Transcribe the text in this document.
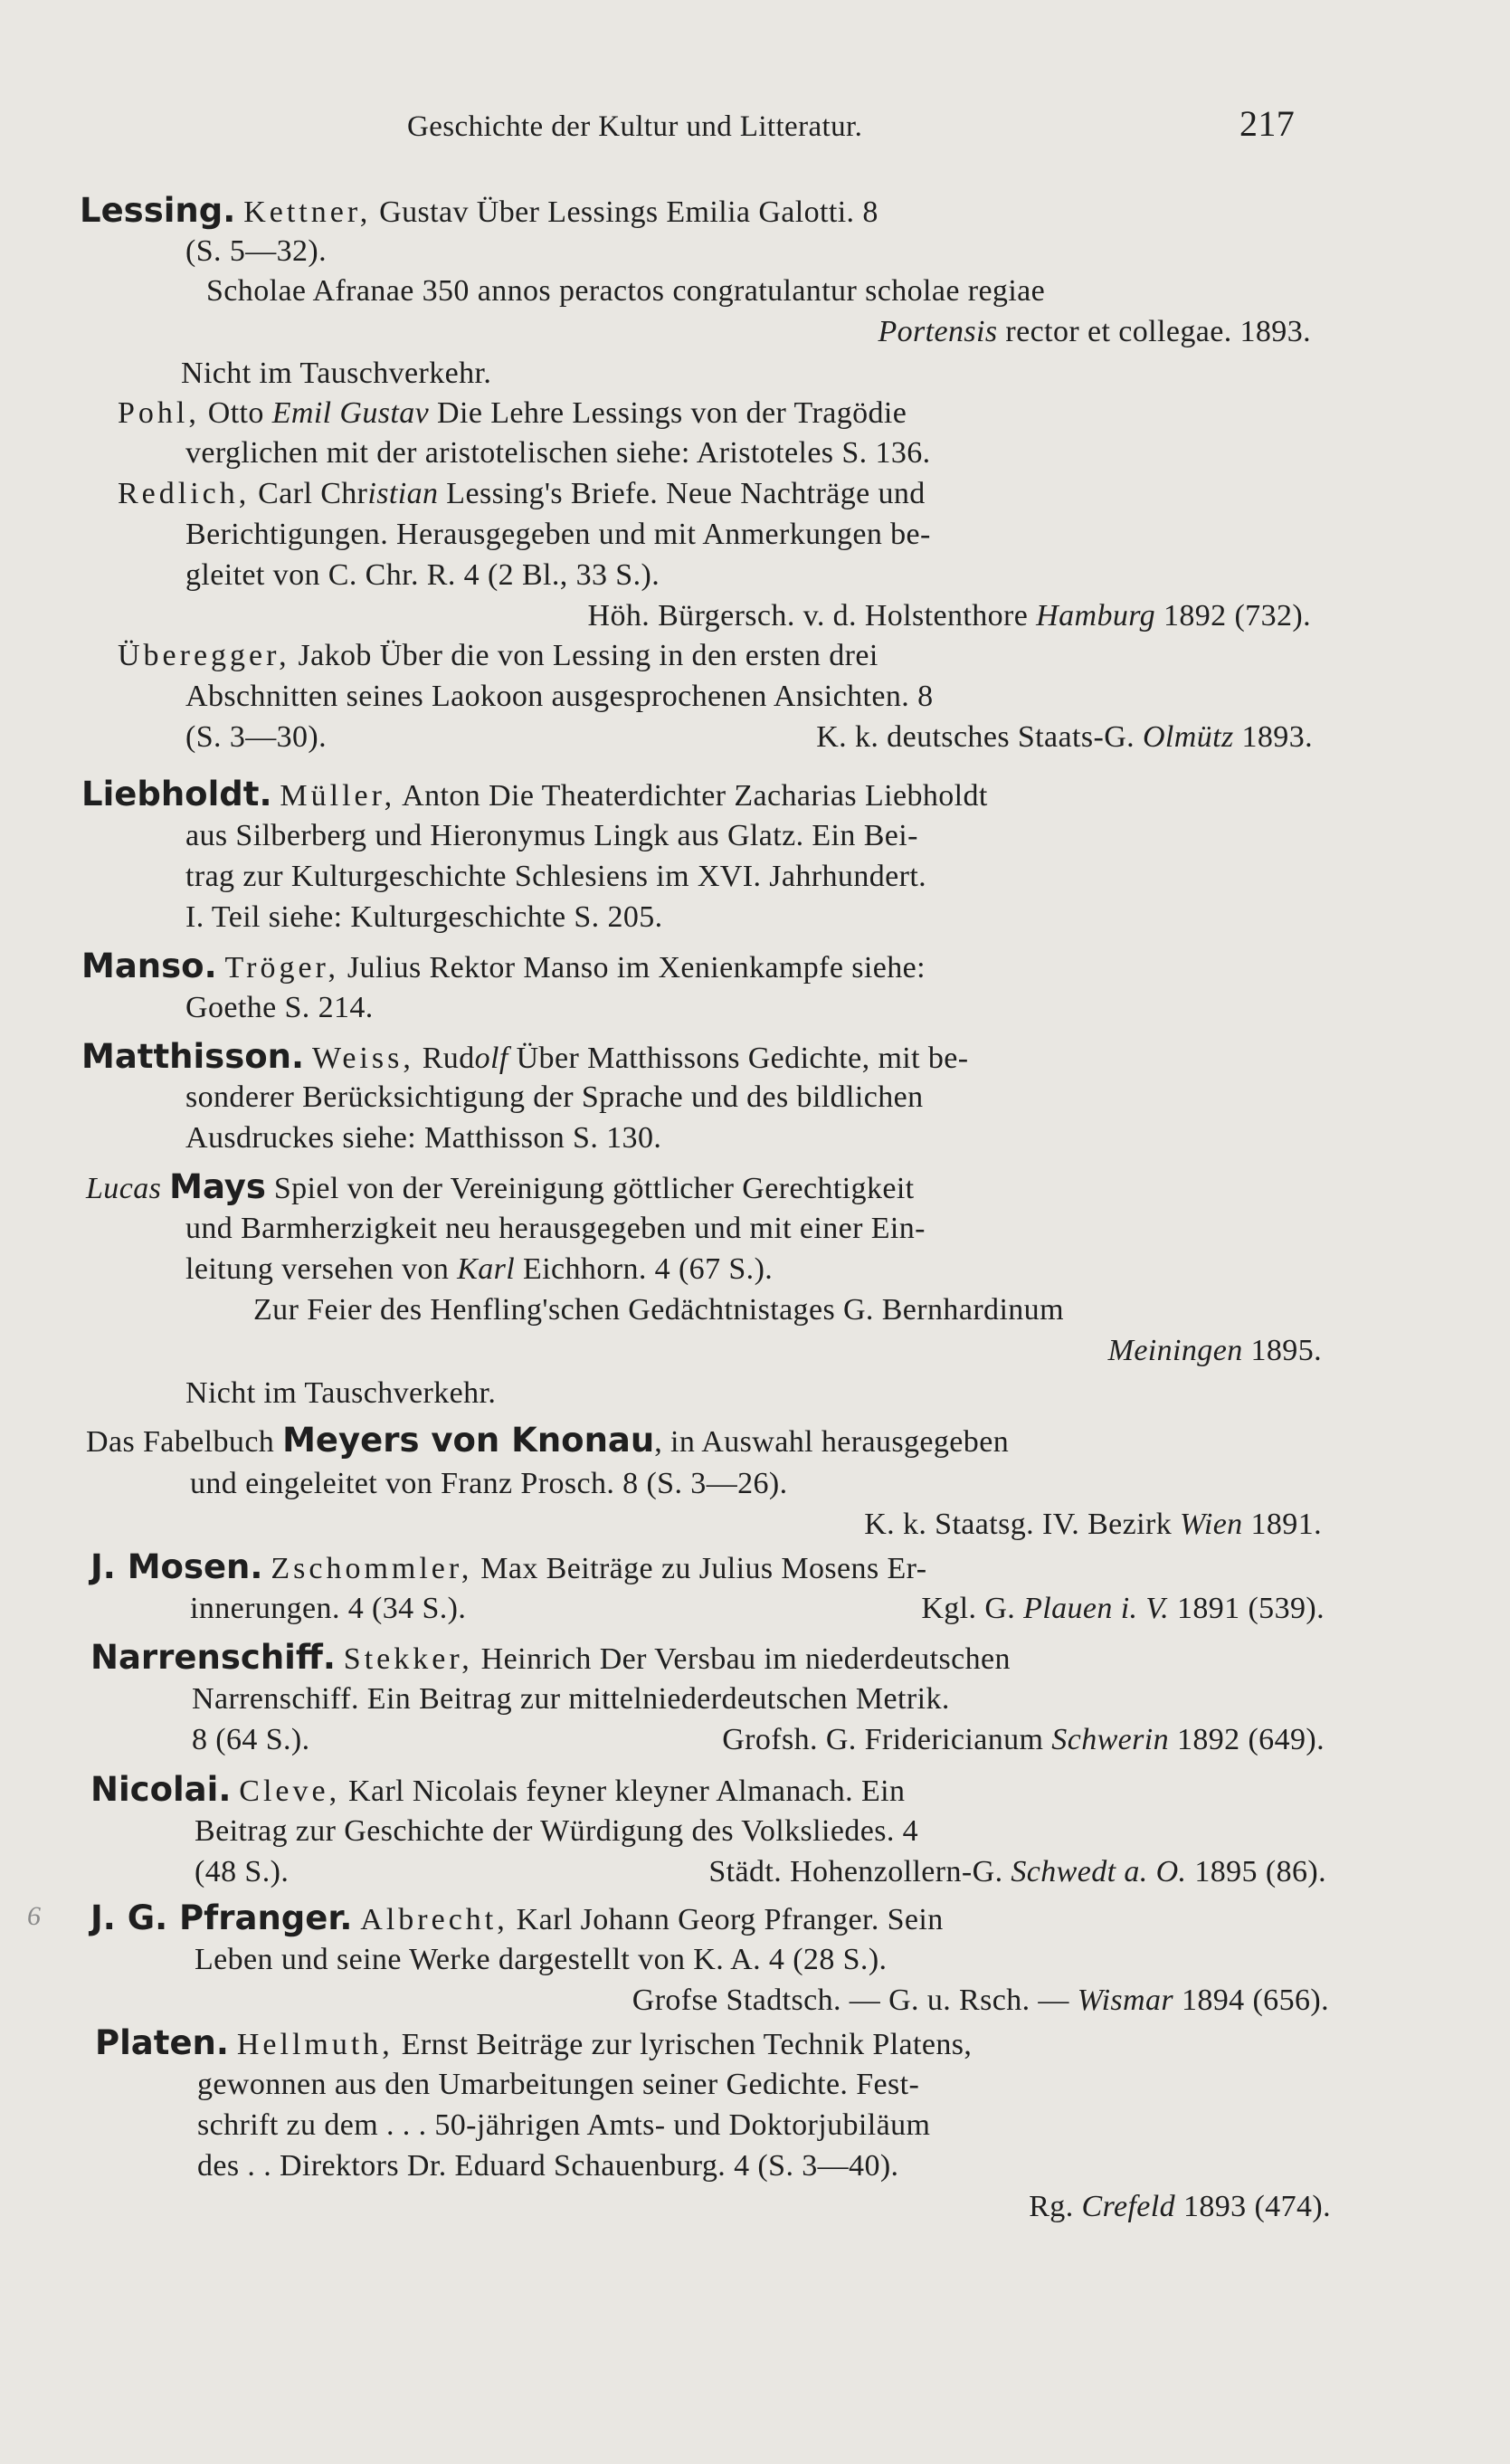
Geschichte der Kultur und Litteratur.	217
Lessing. Kettner, Gustav Über Lessings Emilia Galotti. 8
(S. 5—32).
Scholae Afranae 350 annos peractos congratulantur scholae regiae
Portensis rector et collegae. 1893.
Nicht im Tauschverkehr.
Pohl, Otto Emil Gustav Die Lehre Lessings von der Tragödie
verglichen mit der aristotelischen siehe: Aristoteles S. 136.
Redlich, Carl Christian Lessing's Briefe. Neue Nachträge und
Berichtigungen. Herausgegeben und mit Anmerkungen be-
gleitet von C. Chr. R. 4 (2 Bl., 33 S.).
Höh. Bürgersch. v. d. Holstenthore Hamburg 1892 (732).
Überegger, Jakob Über die von Lessing in den ersten drei
Abschnitten seines Laokoon ausgesprochenen Ansichten. 8
(S. 3—30).	K. k. deutsches Staats-G. Olmütz 1893.
Liebholdt. Müller, Anton Die Theaterdichter Zacharias Liebholdt
aus Silberberg und Hieronymus Lingk aus Glatz. Ein Bei-
trag zur Kulturgeschichte Schlesiens im XVI. Jahrhundert.
I. Teil siehe: Kulturgeschichte S. 205.
Manso. Tröger, Julius Rektor Manso im Xenienkampfe siehe:
Goethe S. 214.
Matthisson. Weiss, Rudolf Über Matthissons Gedichte, mit be-
sonderer Berücksichtigung der Sprache und des bildlichen
Ausdruckes siehe: Matthisson S. 130.
Lucas Mays Spiel von der Vereinigung göttlicher Gerechtigkeit
und Barmherzigkeit neu herausgegeben und mit einer Ein-
leitung versehen von Karl Eichhorn. 4 (67 S.).
Zur Feier des Henfling'schen Gedächtnistages G. Bernhardinum
Meiningen 1895.
Nicht im Tauschverkehr.
Das Fabelbuch Meyers von Knonau, in Auswahl herausgegeben
und eingeleitet von Franz Prosch. 8 (S. 3—26).
K. k. Staatsg. IV. Bezirk Wien 1891.
J. Mosen. Zschommler, Max Beiträge zu Julius Mosens Er-
innerungen. 4 (34 S.).	Kgl. G. Plauen i. V. 1891 (539).
Narrenschiff. Stekker, Heinrich Der Versbau im niederdeutschen
Narrenschiff. Ein Beitrag zur mittelniederdeutschen Metrik.
8 (64 S.).	Grofsh. G. Fridericianum Schwerin 1892 (649).
Nicolai. Cleve, Karl Nicolais feyner kleyner Almanach. Ein
Beitrag zur Geschichte der Würdigung des Volksliedes. 4
(48 S.).	Städt. Hohenzollern-G. Schwedt a. O. 1895 (86).
6 J. G. Pfranger. Albrecht, Karl Johann Georg Pfranger. Sein
Leben und seine Werke dargestellt von K. A. 4 (28 S.).
Grofse Stadtsch. — G. u. Rsch. — Wismar 1894 (656).
Platen. Hellmuth, Ernst Beiträge zur lyrischen Technik Platens,
gewonnen aus den Umarbeitungen seiner Gedichte. Fest-
schrift zu dem . . . 50-jährigen Amts- und Doktorjubiläum
des . . Direktors Dr. Eduard Schauenburg. 4 (S. 3—40).
Rg. Crefeld 1893 (474).
